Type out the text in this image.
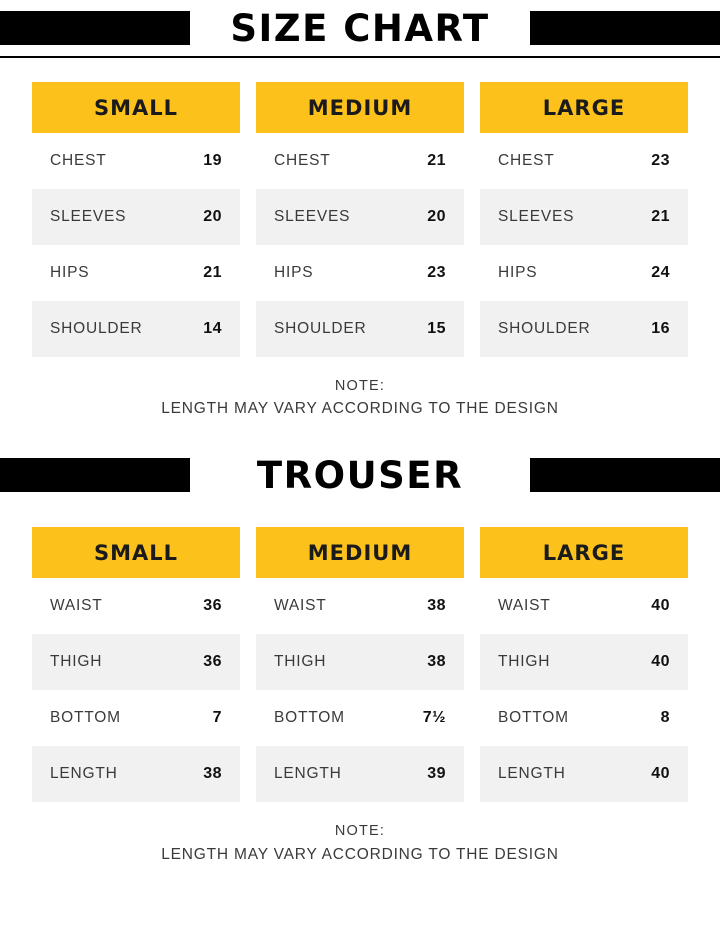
SIZE CHART
SMALL
CHEST	19
SLEEVES	20
HIPS	21
SHOULDER	14
MEDIUM
CHEST	21
SLEEVES	20
HIPS	23
SHOULDER	15
LARGE
CHEST	23
SLEEVES	21
HIPS	24
SHOULDER	16
NOTE:
LENGTH MAY VARY ACCORDING TO THE DESIGN
TROUSER
SMALL
WAIST	36
THIGH	36
BOTTOM	7
LENGTH	38
MEDIUM
WAIST	38
THIGH	38
BOTTOM	7½
LENGTH	39
LARGE
WAIST	40
THIGH	40
BOTTOM	8
LENGTH	40
NOTE:
LENGTH MAY VARY ACCORDING TO THE DESIGN
